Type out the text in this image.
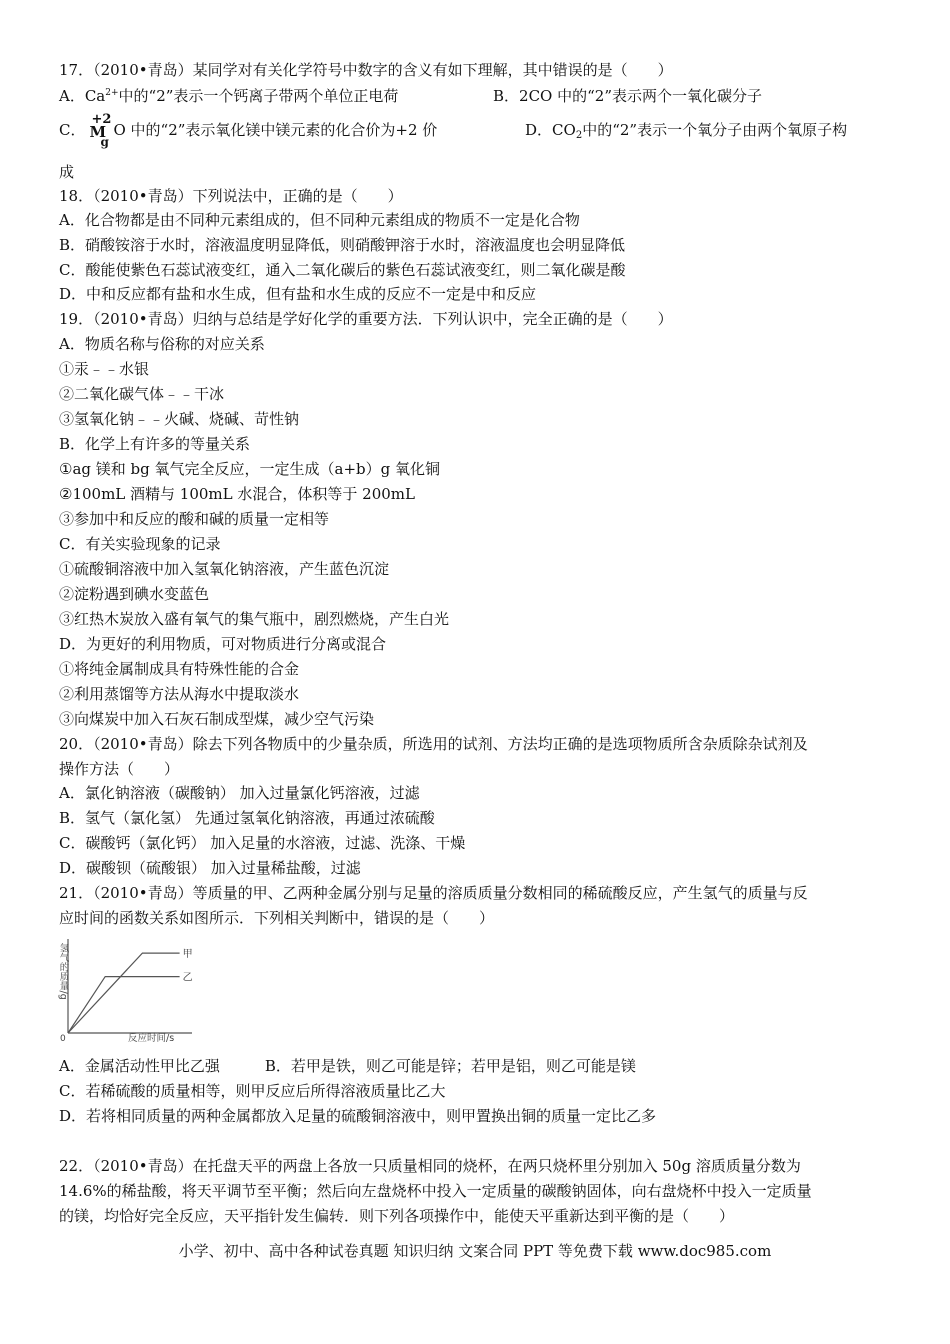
17．（2010•青岛）某同学对有关化学符号中数字的含义有如下理解，其中错误的是（　　）
A．$Ca^{2+}$中的“2”表示一个钙离子带两个单位正电荷	B．2CO 中的“2”表示两个一氧化碳分子
C．
+2
M
g
O 中的“2”表示氧化镁中镁元素的化合价为+2 价	D．$CO_2$中的“2”表示一个氧分子由两个氧原子构
成
18．（2010•青岛）下列说法中，正确的是（　　）
A．化合物都是由不同种元素组成的，但不同种元素组成的物质不一定是化合物
B．硝酸铵溶于水时，溶液温度明显降低，则硝酸钾溶于水时，溶液温度也会明显降低
C．酸能使紫色石蕊试液变红，通入二氧化碳后的紫色石蕊试液变红，则二氧化碳是酸
D．中和反应都有盐和水生成，但有盐和水生成的反应不一定是中和反应
19．（2010•青岛）归纳与总结是学好化学的重要方法．下列认识中，完全正确的是（　　）
A．物质名称与俗称的对应关系
①汞﹣﹣水银
②二氧化碳气体﹣﹣干冰
③氢氧化钠﹣﹣火碱、烧碱、苛性钠
B．化学上有许多的等量关系
①ag 镁和 bg 氧气完全反应，一定生成（a+b）g 氧化铜
②100mL 酒精与 100mL 水混合，体积等于 200mL
③参加中和反应的酸和碱的质量一定相等
C．有关实验现象的记录
①硫酸铜溶液中加入氢氧化钠溶液，产生蓝色沉淀
②淀粉遇到碘水变蓝色
③红热木炭放入盛有氧气的集气瓶中，剧烈燃烧，产生白光
D．为更好的利用物质，可对物质进行分离或混合
①将纯金属制成具有特殊性能的合金
②利用蒸馏等方法从海水中提取淡水
③向煤炭中加入石灰石制成型煤，减少空气污染
20．（2010•青岛）除去下列各物质中的少量杂质，所选用的试剂、方法均正确的是选项物质所含杂质除杂试剂及
操作方法（　　）
A．氯化钠溶液（碳酸钠） 加入过量氯化钙溶液，过滤
B．氢气（氯化氢） 先通过氢氧化钠溶液，再通过浓硫酸
C．碳酸钙（氯化钙） 加入足量的水溶液，过滤、洗涤、干燥
D．碳酸钡（硫酸银） 加入过量稀盐酸，过滤
21．（2010•青岛）等质量的甲、乙两种金属分别与足量的溶质质量分数相同的稀硫酸反应，产生氢气的质量与反
应时间的函数关系如图所示．下列相关判断中，错误的是（　　）
氢气的质量/g
0	反应时间/s
甲
乙
A．金属活动性甲比乙强　　　B．若甲是铁，则乙可能是锌；若甲是铝，则乙可能是镁
C．若稀硫酸的质量相等，则甲反应后所得溶液质量比乙大
D．若将相同质量的两种金属都放入足量的硫酸铜溶液中，则甲置换出铜的质量一定比乙多
22．（2010•青岛）在托盘天平的两盘上各放一只质量相同的烧杯，在两只烧杯里分别加入 50g 溶质质量分数为
14.6%的稀盐酸，将天平调节至平衡；然后向左盘烧杯中投入一定质量的碳酸钠固体，向右盘烧杯中投入一定质量
的镁，均恰好完全反应，天平指针发生偏转．则下列各项操作中，能使天平重新达到平衡的是（　　）
小学、初中、高中各种试卷真题 知识归纳 文案合同 PPT 等免费下载 www.doc985.com
